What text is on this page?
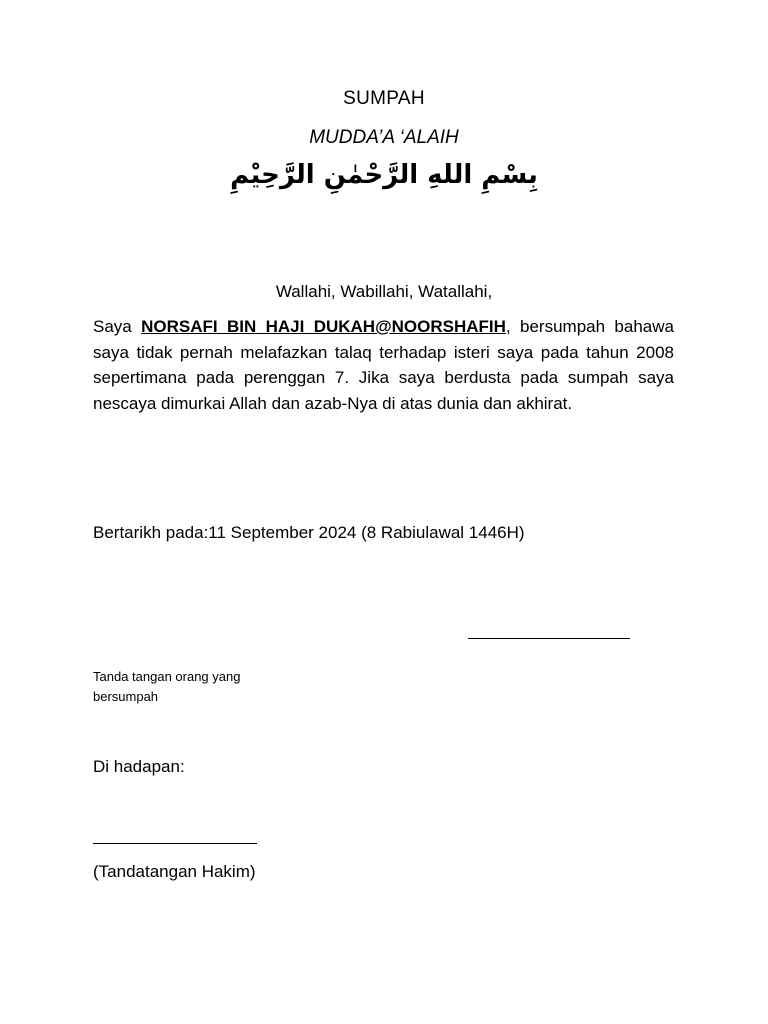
SUMPAH
MUDDA’A ‘ALAIH
بِسْمِ اللهِ الرَّحْمٰنِ الرَّحِيْمِ
Wallahi, Wabillahi, Watallahi,
Saya NORSAFI BIN HAJI DUKAH@NOORSHAFIH, bersumpah bahawa saya tidak pernah melafazkan talaq terhadap isteri saya pada tahun 2008 sepertimana pada perenggan 7. Jika saya berdusta pada sumpah saya nescaya dimurkai Allah dan azab-Nya di atas dunia dan akhirat.
Bertarikh pada:11 September 2024 (8 Rabiulawal 1446H)
Tanda tangan orang yang
bersumpah
Di hadapan:
(Tandatangan Hakim)
